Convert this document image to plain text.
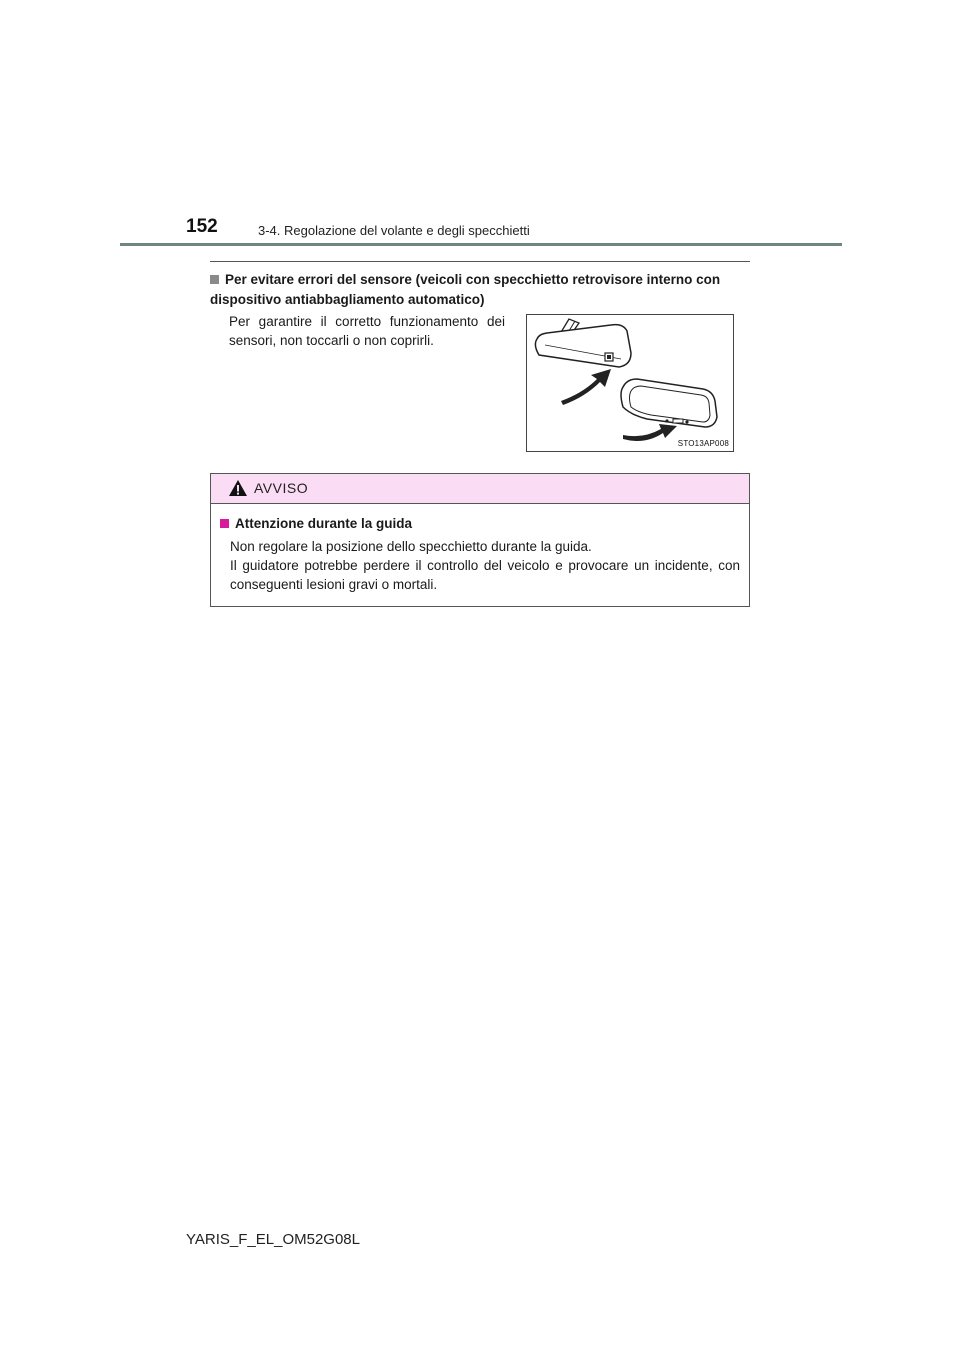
152	3-4. Regolazione del volante e degli specchietti
Per evitare errori del sensore (veicoli con specchietto retrovisore interno con dispositivo antiabbagliamento automatico)
Per garantire il corretto funzionamento dei sensori, non toccarli o non coprirli.
STO13AP008
AVVISO
Attenzione durante la guida

Non regolare la posizione dello specchietto durante la guida.

Il guidatore potrebbe perdere il controllo del veicolo e provocare un incidente, con conseguenti lesioni gravi o mortali.

YARIS_F_EL_OM52G08L
